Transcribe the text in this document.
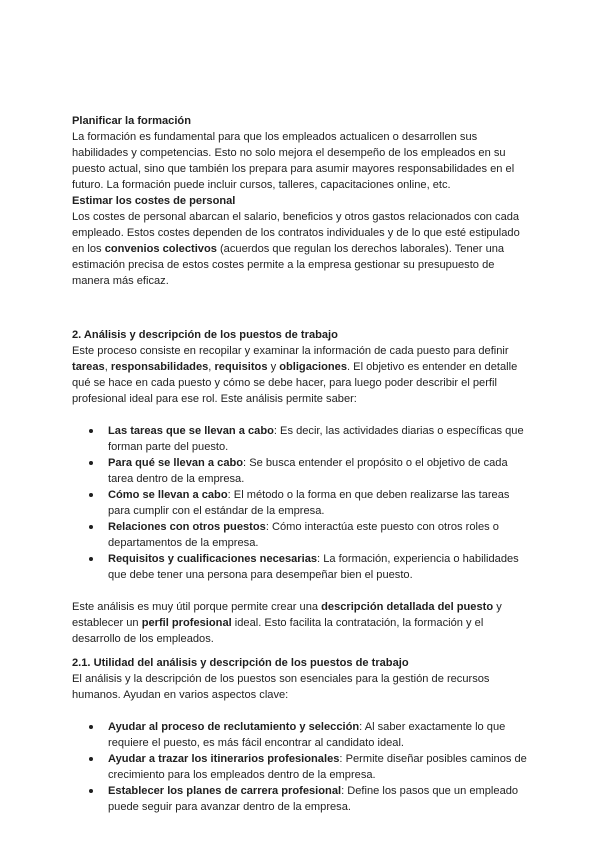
Planificar la formación

La formación es fundamental para que los empleados actualicen o desarrollen sus habilidades y competencias. Esto no solo mejora el desempeño de los empleados en su puesto actual, sino que también los prepara para asumir mayores responsabilidades en el futuro. La formación puede incluir cursos, talleres, capacitaciones online, etc.

Estimar los costes de personal

Los costes de personal abarcan el salario, beneficios y otros gastos relacionados con cada empleado. Estos costes dependen de los contratos individuales y de lo que esté estipulado en los convenios colectivos (acuerdos que regulan los derechos laborales). Tener una estimación precisa de estos costes permite a la empresa gestionar su presupuesto de manera más eficaz.

2. Análisis y descripción de los puestos de trabajo

Este proceso consiste en recopilar y examinar la información de cada puesto para definir tareas, responsabilidades, requisitos y obligaciones. El objetivo es entender en detalle qué se hace en cada puesto y cómo se debe hacer, para luego poder describir el perfil profesional ideal para ese rol. Este análisis permite saber:

Las tareas que se llevan a cabo: Es decir, las actividades diarias o específicas que forman parte del puesto.
Para qué se llevan a cabo: Se busca entender el propósito o el objetivo de cada tarea dentro de la empresa.
Cómo se llevan a cabo: El método o la forma en que deben realizarse las tareas para cumplir con el estándar de la empresa.
Relaciones con otros puestos: Cómo interactúa este puesto con otros roles o departamentos de la empresa.
Requisitos y cualificaciones necesarias: La formación, experiencia o habilidades que debe tener una persona para desempeñar bien el puesto.

Este análisis es muy útil porque permite crear una descripción detallada del puesto y establecer un perfil profesional ideal. Esto facilita la contratación, la formación y el desarrollo de los empleados.

2.1. Utilidad del análisis y descripción de los puestos de trabajo

El análisis y la descripción de los puestos son esenciales para la gestión de recursos humanos. Ayudan en varios aspectos clave:

Ayudar al proceso de reclutamiento y selección: Al saber exactamente lo que requiere el puesto, es más fácil encontrar al candidato ideal.
Ayudar a trazar los itinerarios profesionales: Permite diseñar posibles caminos de crecimiento para los empleados dentro de la empresa.
Establecer los planes de carrera profesional: Define los pasos que un empleado puede seguir para avanzar dentro de la empresa.
